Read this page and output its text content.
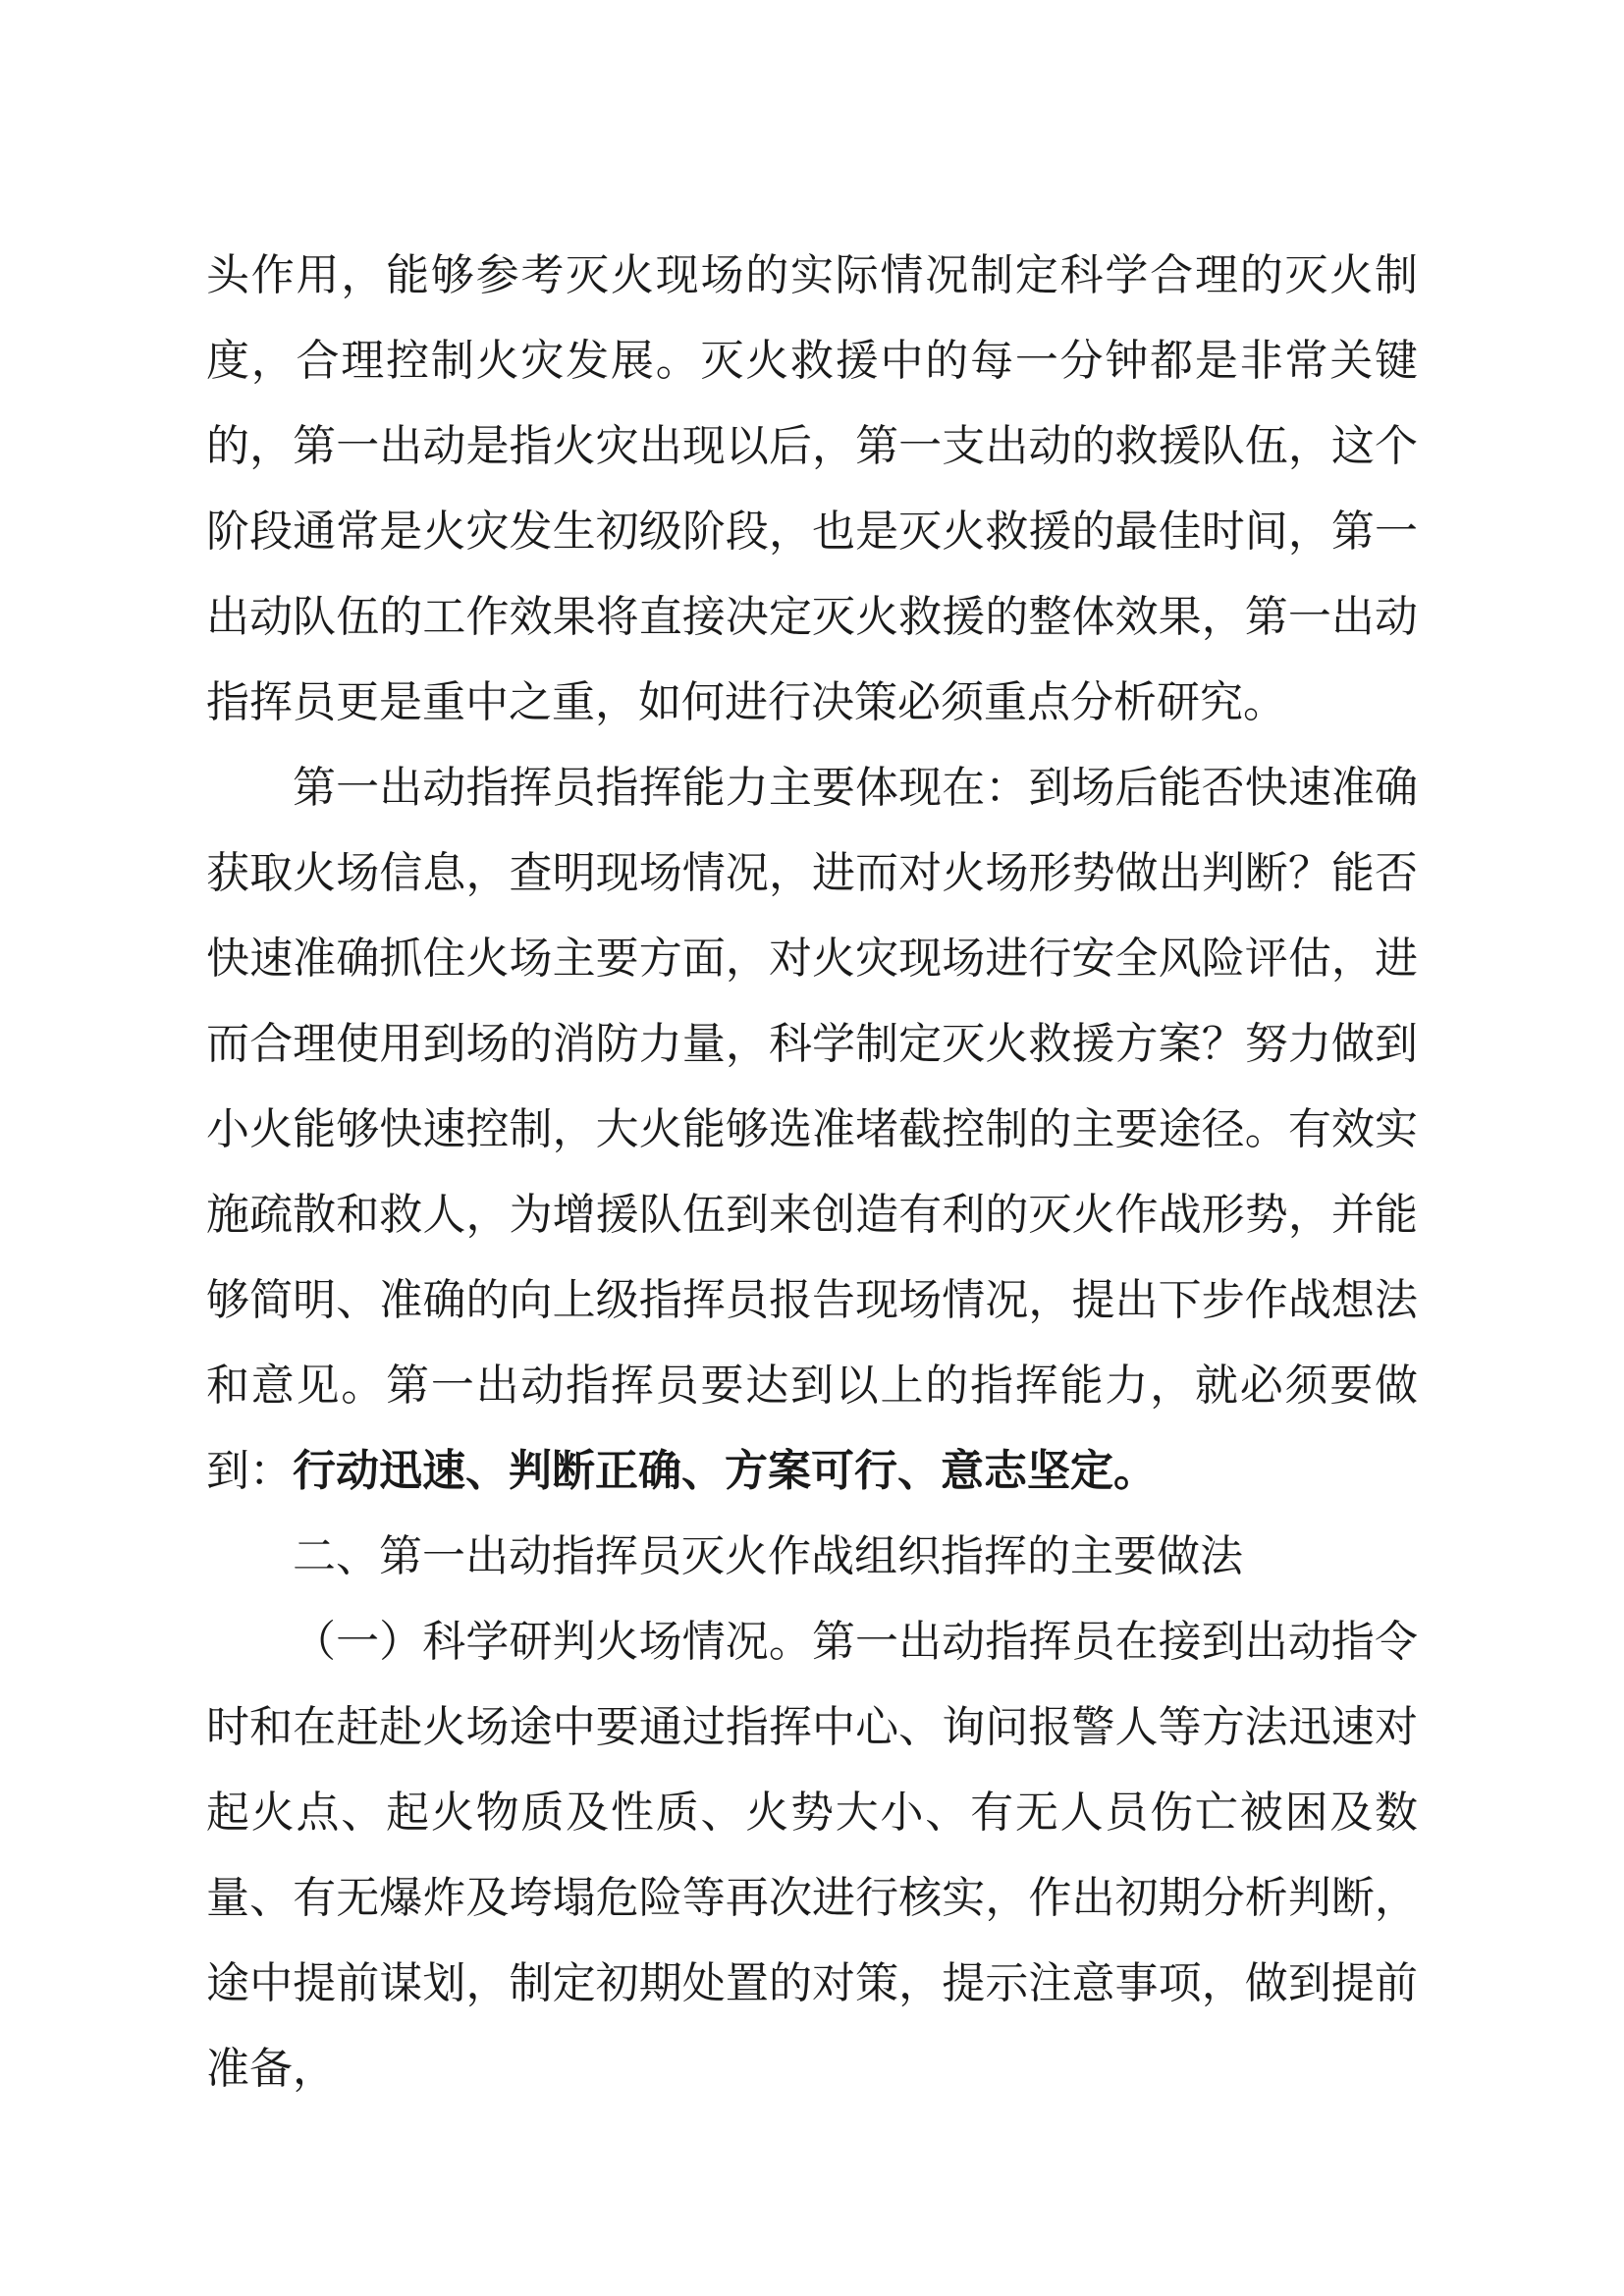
头作用，能够参考灭火现场的实际情况制定科学合理的灭火制度，合理控制火灾发展。灭火救援中的每一分钟都是非常关键的，第一出动是指火灾出现以后，第一支出动的救援队伍，这个阶段通常是火灾发生初级阶段，也是灭火救援的最佳时间，第一出动队伍的工作效果将直接决定灭火救援的整体效果，第一出动指挥员更是重中之重，如何进行决策必须重点分析研究。

第一出动指挥员指挥能力主要体现在：到场后能否快速准确获取火场信息，查明现场情况，进而对火场形势做出判断？能否快速准确抓住火场主要方面，对火灾现场进行安全风险评估，进而合理使用到场的消防力量，科学制定灭火救援方案？努力做到小火能够快速控制，大火能够选准堵截控制的主要途径。有效实施疏散和救人，为增援队伍到来创造有利的灭火作战形势，并能够简明、准确的向上级指挥员报告现场情况，提出下步作战想法和意见。第一出动指挥员要达到以上的指挥能力，就必须要做到：行动迅速、判断正确、方案可行、意志坚定。

二、第一出动指挥员灭火作战组织指挥的主要做法

（一）科学研判火场情况。第一出动指挥员在接到出动指令时和在赶赴火场途中要通过指挥中心、询问报警人等方法迅速对起火点、起火物质及性质、火势大小、有无人员伤亡被困及数量、有无爆炸及垮塌危险等再次进行核实，作出初期分析判断，途中提前谋划，制定初期处置的对策，提示注意事项，做到提前准备，
